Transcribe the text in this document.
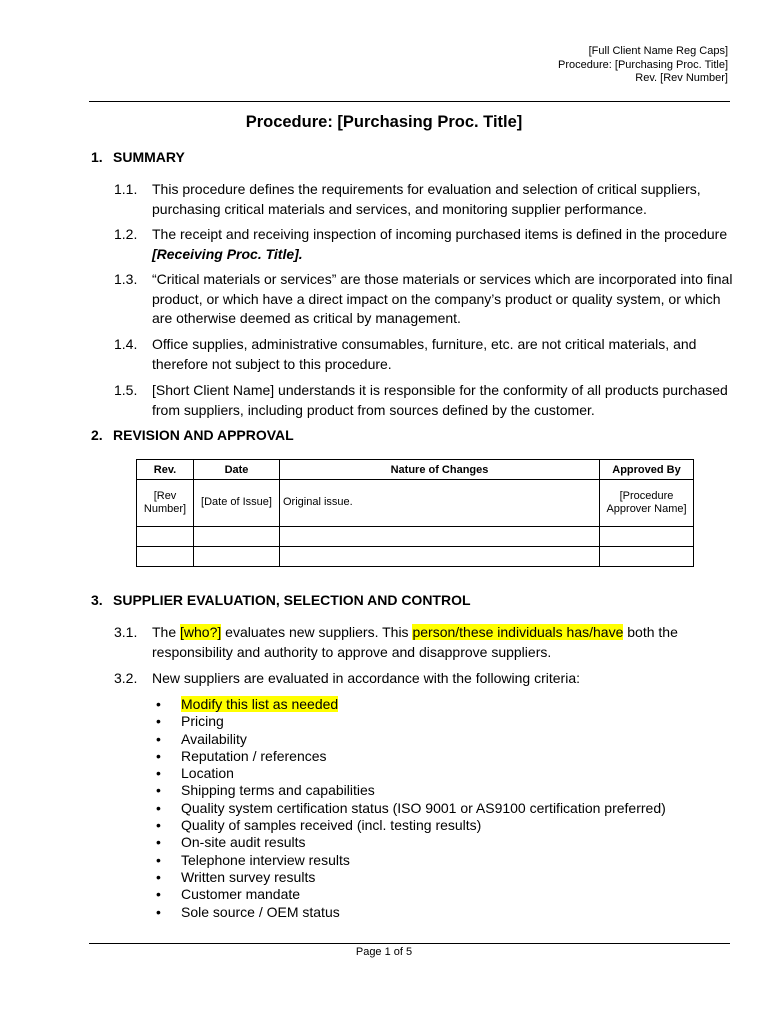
[Full Client Name Reg Caps]
Procedure: [Purchasing Proc. Title]
Rev. [Rev Number]
Procedure: [Purchasing Proc. Title]
1. SUMMARY
1.1. This procedure defines the requirements for evaluation and selection of critical suppliers, purchasing critical materials and services, and monitoring supplier performance.
1.2. The receipt and receiving inspection of incoming purchased items is defined in the procedure [Receiving Proc. Title].
1.3. “Critical materials or services” are those materials or services which are incorporated into final product, or which have a direct impact on the company’s product or quality system, or which are otherwise deemed as critical by management.
1.4. Office supplies, administrative consumables, furniture, etc. are not critical materials, and therefore not subject to this procedure.
1.5. [Short Client Name] understands it is responsible for the conformity of all products purchased from suppliers, including product from sources defined by the customer.
2. REVISION AND APPROVAL
Rev.	Date	Nature of Changes	Approved By
[Rev Number]	[Date of Issue]	Original issue.	[Procedure Approver Name]

3. SUPPLIER EVALUATION, SELECTION AND CONTROL
3.1. The [who?] evaluates new suppliers. This person/these individuals has/have both the responsibility and authority to approve and disapprove suppliers.
3.2. New suppliers are evaluated in accordance with the following criteria:
• Modify this list as needed
• Pricing
• Availability
• Reputation / references
• Location
• Shipping terms and capabilities
• Quality system certification status (ISO 9001 or AS9100 certification preferred)
• Quality of samples received (incl. testing results)
• On-site audit results
• Telephone interview results
• Written survey results
• Customer mandate
• Sole source / OEM status
Page 1 of 5
